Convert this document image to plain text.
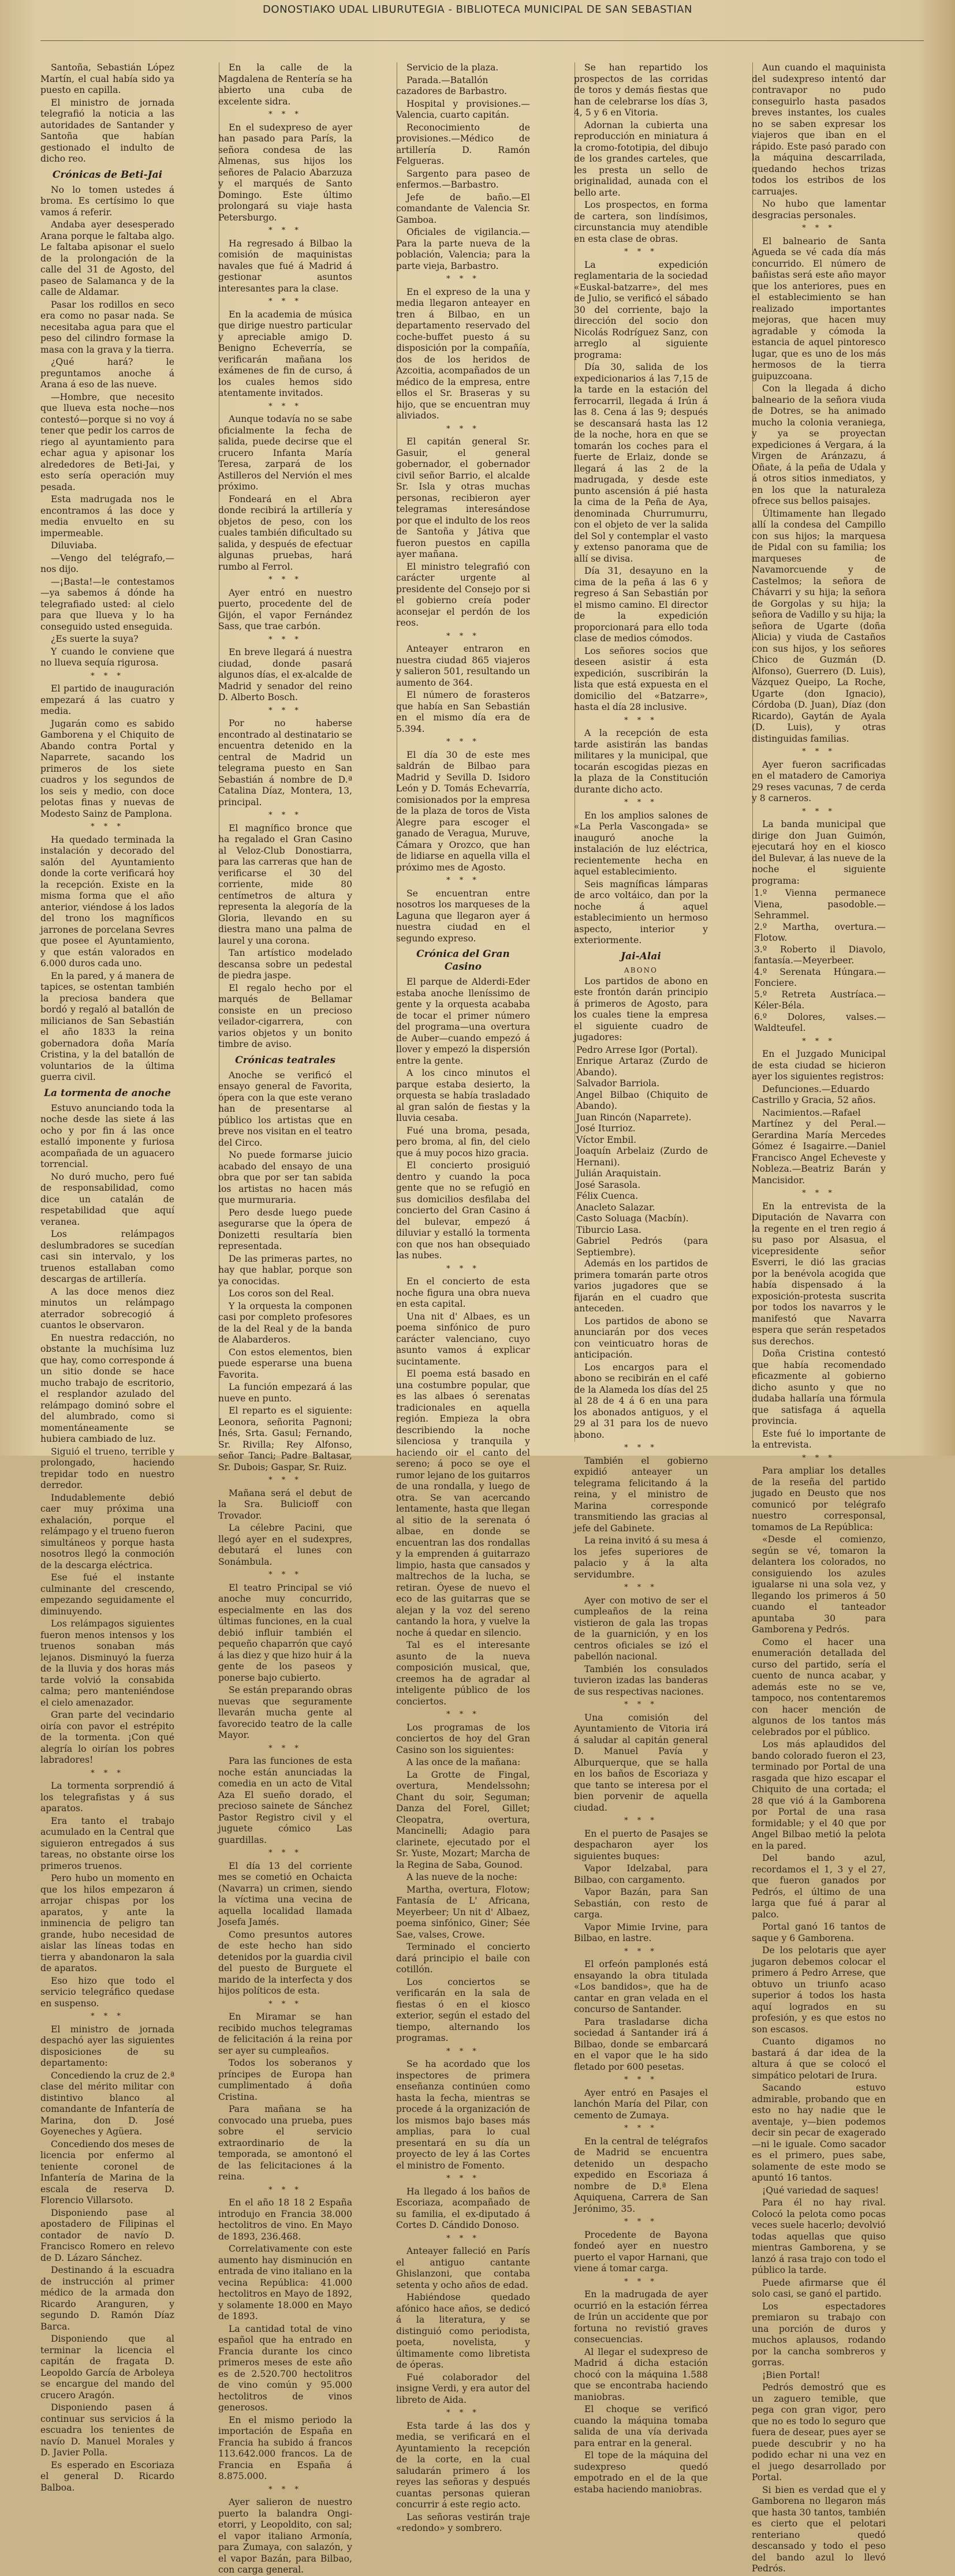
DONOSTIAKO UDAL LIBURUTEGIA - BIBLIOTECA MUNICIPAL DE SAN SEBASTIAN

Santoña, Sebastián López Martín, el cual había sido ya puesto en capilla.

El ministro de jornada telegrafió la noticia a las autoridades de Santander y Santoña que habían gestionado el indulto de dicho reo.

Crónicas de Beti-Jai

No lo tomen ustedes á broma. Es certísimo lo que vamos á referir.

Andaba ayer desesperado Arana porque le faltaba algo. Le faltaba apisonar el suelo de la prolongación de la calle del 31 de Agosto, del paseo de Salamanca y de la calle de Aldamar.

Pasar los rodillos en seco era como no pasar nada. Se necesitaba agua para que el peso del cilindro formase la masa con la grava y la tierra.

¿Qué hará? le preguntamos anoche á Arana á eso de las nueve.

—Hombre, que necesito que llueva esta noche—nos contestó—porque si no voy á tener que pedir los carros de riego al ayuntamiento para echar agua y apisonar los alrededores de Beti-Jai, y esto sería operación muy pesada.

Esta madrugada nos le encontramos á las doce y media envuelto en su impermeable.

Diluviaba.

—Vengo del telégrafo,—nos dijo.

—¡Basta!—le contestamos—ya sabemos á dónde ha telegrafiado usted: al cielo para que llueva y lo ha conseguido usted enseguida.

¿Es suerte la suya?

Y cuando le conviene que no llueva sequía rigurosa.

* * *

El partido de inauguración empezará á las cuatro y media.

Jugarán como es sabido Gamborena y el Chiquito de Abando contra Portal y Naparrete, sacando los primeros de los siete cuadros y los segundos de los seis y medio, con doce pelotas finas y nuevas de Modesto Sainz de Pamplona.

* * *

Ha quedado terminada la instalación y decorado del salón del Ayuntamiento donde la corte verificará hoy la recepción. Existe en la misma forma que el año anterior, viéndose á los lados del trono los magníficos jarrones de porcelana Sevres que posee el Ayuntamiento, y que están valorados en 6.000 duros cada uno.

En la pared, y á manera de tapices, se ostentan también la preciosa bandera que bordó y regaló al batallón de milicianos de San Sebastián el año 1833 la reina gobernadora doña María Cristina, y la del batallón de voluntarios de la última guerra civil.

La tormenta de anoche

Estuvo anunciando toda la noche desde las siete á las ocho y por fin á las once estalló imponente y furiosa acompañada de un aguacero torrencial.

No duró mucho, pero fué de responsabilidad, como dice un catalán de respetabilidad que aquí veranea.

Los relámpagos deslumbradores se sucedían casi sin intervalo, y los truenos estallaban como descargas de artillería.

A las doce menos diez minutos un relámpago aterrador sobrecogió á cuantos le observaron.

En nuestra redacción, no obstante la muchísima luz que hay, como corresponde á un sitio donde se hace mucho trabajo de escritorio, el resplandor azulado del relámpago dominó sobre el del alumbrado, como si momentáneamente se hubiera cambiado de luz.

Siguió el trueno, terrible y prolongado, haciendo trepidar todo en nuestro derredor.

Indudablemente debió caer muy próxima una exhalación, porque el relámpago y el trueno fueron simultáneos y porque hasta nosotros llegó la conmoción de la descarga eléctrica.

Ese fué el instante culminante del crescendo, empezando seguidamente el diminuyendo.

Los relámpagos siguientes fueron menos intensos y los truenos sonaban más lejanos. Disminuyó la fuerza de la lluvia y dos horas más tarde volvió la consabida calma; pero manteniéndose el cielo amenazador.

Gran parte del vecindario oiría con pavor el estrépito de la tormenta. ¡Con qué alegría lo oirían los pobres labradores!

* * *

La tormenta sorprendió á los telegrafistas y á sus aparatos.

Era tanto el trabajo acumulado en la Central que siguieron entregados á sus tareas, no obstante oirse los primeros truenos.

Pero hubo un momento en que los hilos empezaron á arrojar chispas por los aparatos, y ante la inminencia de peligro tan grande, hubo necesidad de aislar las líneas todas en tierra y abandonaron la sala de aparatos.

Eso hizo que todo el servicio telegráfico quedase en suspenso.

* * *

El ministro de jornada despachó ayer las siguientes disposiciones de su departamento:

Concediendo la cruz de 2.ª clase del mérito militar con distintivo blanco al comandante de Infantería de Marina, don D. José Goyeneches y Agüera.

Concediendo dos meses de licencia por enfermo al teniente coronel de Infantería de Marina de la escala de reserva D. Florencio Villarsoto.

Disponiendo pase al apostadero de Filipinas el contador de navío D. Francisco Romero en relevo de D. Lázaro Sánchez.

Destinando á la escuadra de instrucción al primer médico de la armada don Ricardo Aranguren, y segundo D. Ramón Díaz Barca.

Disponiendo que al terminar la licencia el capitán de fragata D. Leopoldo García de Arboleya se encargue del mando del crucero Aragón.

Disponiendo pasen á continuar sus servicios á la escuadra los tenientes de navío D. Manuel Morales y D. Javier Polla.

Es esperado en Escoriaza el general D. Ricardo Balboa.

En la calle de la Magdalena de Rentería se ha abierto una cuba de excelente sidra.

* * *

En el sudexpreso de ayer han pasado para París, la señora condesa de las Almenas, sus hijos los señores de Palacio Abarzuza y el marqués de Santo Domingo. Este último prolongará su viaje hasta Petersburgo.

* * *

Ha regresado á Bilbao la comisión de maquinistas navales que fué á Madrid á gestionar asuntos interesantes para la clase.

* * *

En la academia de música que dirige nuestro particular y apreciable amigo D. Benigno Echeverría, se verificarán mañana los exámenes de fin de curso, á los cuales hemos sido atentamente invitados.

* * *

Aunque todavía no se sabe oficialmente la fecha de salida, puede decirse que el crucero Infanta María Teresa, zarpará de los Astilleros del Nervión el mes próximo.

Fondeará en el Abra donde recibirá la artillería y objetos de peso, con los cuales también dificultado su salida, y después de efectuar algunas pruebas, hará rumbo al Ferrol.

* * *

Ayer entró en nuestro puerto, procedente del de Gijón, el vapor Fernández Sass, que trae carbón.

* * *

En breve llegará á nuestra ciudad, donde pasará algunos días, el ex-alcalde de Madrid y senador del reino D. Alberto Bosch.

* * *

Por no haberse encontrado al destinatario se encuentra detenido en la central de Madrid un telegrama puesto en San Sebastián á nombre de D.ª Catalina Díaz, Montera, 13, principal.

* * *

El magnífico bronce que ha regalado el Gran Casino al Veloz-Club Donostiarra, para las carreras que han de verificarse el 30 del corriente, mide 80 centímetros de altura y representa la alegoría de la Gloria, llevando en su diestra mano una palma de laurel y una corona.

Tan artístico modelado descansa sobre un pedestal de piedra jaspe.

El regalo hecho por el marqués de Bellamar consiste en un precioso veilador-cigarrera, con varios objetos y un bonito timbre de aviso.

Crónicas teatrales

Anoche se verificó el ensayo general de Favorita, ópera con la que este verano han de presentarse al público los artistas que en breve nos visitan en el teatro del Circo.

No puede formarse juicio acabado del ensayo de una obra que por ser tan sabida los artistas no hacen más que murmuraria.

Pero desde luego puede asegurarse que la ópera de Donizetti resultaría bien representada.

De las primeras partes, no hay que hablar, porque son ya conocidas.

Los coros son del Real.

Y la orquesta la componen casi por completo profesores de la del Real y de la banda de Alabarderos.

Con estos elementos, bien puede esperarse una buena Favorita.

La función empezará á las nueve en punto.

El reparto es el siguiente: Leonora, señorita Pagnoni; Inés, Srta. Gasul; Fernando, Sr. Rivilla; Rey Alfonso, señor Tanci; Padre Baltasar, Sr. Dubois; Gaspar, Sr. Ruiz.

* * *

Mañana será el debut de la Sra. Bulicioff con Trovador.

La célebre Pacini, que llegó ayer en el sudexpres, debutará el lunes con Sonámbula.

* * *

El teatro Principal se vió anoche muy concurrido, especialmente en las dos últimas funciones, en la cual debió influir también el pequeño chaparrón que cayó á las diez y que hizo huir á la gente de los paseos y ponerse bajo cubierto.

Se están preparando obras nuevas que seguramente llevarán mucha gente al favorecido teatro de la calle Mayor.

* * *

Para las funciones de esta noche están anunciadas la comedia en un acto de Vital Aza El sueño dorado, el precioso sainete de Sánchez Pastor Registro civil y el juguete cómico Las guardillas.

* * *

El día 13 del corriente mes se cometió en Ochaicta (Navarra) un crimen, siendo la víctima una vecina de aquella localidad llamada Josefa Jamés.

Como presuntos autores de este hecho han sido detenidos por la guardia civil del puesto de Burguete el marido de la interfecta y dos hijos políticos de esta.

* * *

En Miramar se han recibido muchos telegramas de felicitación á la reina por ser ayer su cumpleaños.

Todos los soberanos y príncipes de Europa han cumplimentado á doña Cristina.

Para mañana se ha convocado una prueba, pues sobre el servicio extraordinario de la temporada, se amontonó el de las felicitaciones á la reina.

* * *

En el año 18 18 2 España introdujo en Francia 38.000 hectolitros de vino. En Mayo de 1893, 236.468.

Correlativamente con este aumento hay disminución en entrada de vino italiano en la vecina República: 41.000 hectolitros en Mayo de 1892, y solamente 18.000 en Mayo de 1893.

La cantidad total de vino español que ha entrado en Francia durante los cinco primeros meses de este año es de 2.520.700 hectolitros de vino común y 95.000 hectolitros de vinos generosos.

En el mismo periodo la importación de España en Francia ha subido á francos 113.642.000 francos. La de Francia en España á 8.875.000.

* * *

Ayer salieron de nuestro puerto la balandra Ongi-etorri, y Leopoldito, con sal; el vapor italiano Armonía, para Zumaya, con salazón, y el vapor Bazán, para Bilbao, con carga general.

Servicio de la plaza.

Parada.—Batallón cazadores de Barbastro.

Hospital y provisiones.—Valencia, cuarto capitán.

Reconocimiento de provisiones.—Médico de artillería D. Ramón Felgueras.

Sargento para paseo de enfermos.—Barbastro.

Jefe de baño.—El comandante de Valencia Sr. Gamboa.

Oficiales de vigilancia.—Para la parte nueva de la población, Valencia; para la parte vieja, Barbastro.

* * *

En el expreso de la una y media llegaron anteayer en tren á Bilbao, en un departamento reservado del coche-buffet puesto á su disposición por la compañía, dos de los heridos de Azcoitia, acompañados de un médico de la empresa, entre ellos el Sr. Braseras y su hijo, que se encuentran muy aliviados.

* * *

El capitán general Sr. Gasuir, el general gobernador, el gobernador civil señor Barrio, el alcalde Sr. Isla y otras muchas personas, recibieron ayer telegramas interesándose por que el indulto de los reos de Santoña y Játiva que fueron puestos en capilla ayer mañana.

El ministro telegrafió con carácter urgente al presidente del Consejo por si el gobierno creía poder aconsejar el perdón de los reos.

* * *

Anteayer entraron en nuestra ciudad 865 viajeros y salieron 501, resultando un aumento de 364.

El número de forasteros que había en San Sebastián en el mismo día era de 5.394.

* * *

El día 30 de este mes saldrán de Bilbao para Madrid y Sevilla D. Isidoro León y D. Tomás Echevarría, comisionados por la empresa de la plaza de toros de Vista Alegre para escoger el ganado de Veragua, Muruve, Cámara y Orozco, que han de lidiarse en aquella villa el próximo mes de Agosto.

* * *

Se encuentran entre nosotros los marqueses de la Laguna que llegaron ayer á nuestra ciudad en el segundo expreso.

Crónica del Gran Casino

El parque de Alderdi-Eder estaba anoche lleníssimo de gente y la orquesta acababa de tocar el primer número del programa—una overtura de Auber—cuando empezó á llover y empezó la dispersión entre la gente.

A los cinco minutos el parque estaba desierto, la orquesta se había trasladado al gran salón de fiestas y la lluvia cesaba.

Fué una broma, pesada, pero broma, al fin, del cielo que á muy pocos hizo gracia.

El concierto prosiguió dentro y cuando la poca gente que no se refugió en sus domicilios desfilaba del concierto del Gran Casino á del bulevar, empezó á diluviar y estalló la tormenta con que nos han obsequiado las nubes.

* * *

En el concierto de esta noche figura una obra nueva en esta capital.

Una nit d' Albaes, es un poema sinfónico de puro carácter valenciano, cuyo asunto vamos á explicar sucintamente.

El poema está basado en una costumbre popular, que es las albaes ó serenatas tradicionales en aquella región. Empieza la obra describiendo la noche silenciosa y tranquila y haciendo oir el canto del sereno; á poco se oye el rumor lejano de los guitarros de una rondalla, y luego de otra. Se van acercando lentamente, hasta que llegan al sitio de la serenata ó albae, en donde se encuentran las dos rondallas y la emprenden á guitarrazo limpio, hasta que cansados y maltrechos de la lucha, se retiran. Óyese de nuevo el eco de las guitarras que se alejan y la voz del sereno cantando la hora, y vuelve la noche á quedar en silencio.

Tal es el interesante asunto de la nueva composición musical, que, creemos ha de agradar al inteligente público de los conciertos.

* * *

Los programas de los conciertos de hoy del Gran Casino son los siguientes:

A las once de la mañana:

La Grotte de Fingal, overtura, Mendelssohn; Chant du soir, Seguman; Danza del Forel, Gillet; Cleopatra, overtura, Mancinelli; Adagio para clarinete, ejecutado por el Sr. Yuste, Mozart; Marcha de la Regina de Saba, Gounod.

A las nueve de la noche:

Martha, overtura, Flotow; Fantasía de L' Africana, Meyerbeer; Un nit d' Albaez, poema sinfónico, Giner; Sée Sae, valses, Crowe.

Terminado el concierto dará principio el baile con cotillón.

Los conciertos se verificarán en la sala de fiestas ó en el kiosco exterior, según el estado del tiempo, alternando los programas.

* * *

Se ha acordado que los inspectores de primera enseñanza continúen como hasta la fecha, mientras se procede á la organización de los mismos bajo bases más amplias, para lo cual presentará en su día un proyecto de ley á las Cortes el ministro de Fomento.

* * *

Ha llegado á los baños de Escoriaza, acompañado de su familia, el ex-diputado á Cortes D. Cándido Donoso.

* * *

Anteayer falleció en París el antiguo cantante Ghislanzoni, que contaba setenta y ocho años de edad.

Habiéndose quedado afónico hace años, se dedicó á la literatura, y se distinguió como periodista, poeta, novelista, y últimamente como libretista de óperas.

Fué colaborador del insigne Verdi, y era autor del libreto de Aida.

* * *

Esta tarde á las dos y media, se verificará en el Ayuntamiento la recepción de la corte, en la cual saludarán primero á los reyes las señoras y después cuantas personas quieran concurrir á este regio acto.

Las señoras vestirán traje «redondo» y sombrero.

Se han repartido los prospectos de las corridas de toros y demás fiestas que han de celebrarse los días 3, 4, 5 y 6 en Vitoria.

Adornan la cubierta una reproducción en miniatura á la cromo-fototipia, del dibujo de los grandes carteles, que les presta un sello de originalidad, aunada con el bello arte.

Los prospectos, en forma de cartera, son lindísimos, circunstancia muy atendible en esta clase de obras.

* * *

La expedición reglamentaria de la sociedad «Euskal-batzarre», del mes de Julio, se verificó el sábado 30 del corriente, bajo la dirección del socio don Nicolás Rodríguez Sanz, con arreglo al siguiente programa:

Día 30, salida de los expedicionarios á las 7,15 de la tarde en la estación del ferrocarril, llegada á Irún á las 8. Cena á las 9; después se descansará hasta las 12 de la noche, hora en que se tomarán los coches para el fuerte de Erlaiz, donde se llegará á las 2 de la madrugada, y desde este punto ascensión á pié hasta la cima de la Peña de Aya, denominada Churrumurru, con el objeto de ver la salida del Sol y contemplar el vasto y extenso panorama que de allí se divisa.

Día 31, desayuno en la cima de la peña á las 6 y regreso á San Sebastián por el mismo camino. El director de la expedición proporcionará para ello toda clase de medios cómodos.

Los señores socios que deseen asistir á esta expedición, suscribirán la lista que está expuesta en el domicilio del «Batzarre», hasta el día 28 inclusive.

* * *

A la recepción de esta tarde asistirán las bandas militares y la municipal, que tocarán escogidas piezas en la plaza de la Constitución durante dicho acto.

* * *

En los amplios salones de «La Perla Vascongada» se inauguró anoche la instalación de luz eléctrica, recientemente hecha en aquel establecimiento.

Seis magníficas lámparas de arco voltáico, dan por la noche á aquel establecimiento un hermoso aspecto, interior y exteriormente.

Jai-Alai
ABONO

Los partidos de abono en este frontón darán principio á primeros de Agosto, para los cuales tiene la empresa el siguiente cuadro de jugadores:

Pedro Arrese Igor (Portal).

Enrique Artaraz (Zurdo de Abando).

Salvador Barriola.

Angel Bilbao (Chiquito de Abando).

Juan Rincón (Naparrete).

José Iturrioz.

Víctor Embil.

Joaquín Arbelaiz (Zurdo de Hernani).

Julián Araquistain.

José Sarasola.

Félix Cuenca.

Anacleto Salazar.

Casto Soluaga (Macbín).

Tiburcio Lasa.

Gabriel Pedrós (para Septiembre).

Además en los partidos de primera tomarán parte otros varios jugadores que se fijarán en el cuadro que anteceden.

Los partidos de abono se anunciarán por dos veces con veinticuatro horas de anticipación.

Los encargos para el abono se recibirán en el café de la Alameda los días del 25 al 28 de 4 á 6 en una para los abonados antiguos, y el 29 al 31 para los de nuevo abono.

* * *

También el gobierno expidió anteayer un telegrama felicitando á la reina, y el ministro de Marina corresponde transmitiendo las gracias al jefe del Gabinete.

La reina invitó á su mesa á los jefes superiores de palacio y á la alta servidumbre.

* * *

Ayer con motivo de ser el cumpleaños de la reina vistieron de gala las tropas de la guarnición, y en los centros oficiales se izó el pabellón nacional.

También los consulados tuvieron izadas las banderas de sus respectivas naciones.

* * *

Una comisión del Ayuntamiento de Vitoria irá á saludar al capitán general D. Manuel Pavía y Alburquerque, que se halla en los baños de Escoriaza y que tanto se interesa por el bien porvenir de aquella ciudad.

* * *

En el puerto de Pasajes se despacharon ayer los siguientes buques:

Vapor Idelzabal, para Bilbao, con cargamento.

Vapor Bazán, para San Sebastián, con resto de carga.

Vapor Mimie Irvine, para Bilbao, en lastre.

* * *

El orfeón pamplonés está ensayando la obra titulada «Los bandidos», que ha de cantar en gran velada en el concurso de Santander.

Para trasladarse dicha sociedad á Santander irá á Bilbao, donde se embarcará en el vapor que le ha sido fletado por 600 pesetas.

* * *

Ayer entró en Pasajes el lanchón María del Pilar, con cemento de Zumaya.

* * *

En la central de telégrafos de Madrid se encuentra detenido un despacho expedido en Escoriaza á nombre de D.ª Elena Aquiquena, Carrera de San Jerónimo, 35.

* * *

Procedente de Bayona fondeó ayer en nuestro puerto el vapor Harnani, que viene á tomar carga.

* * *

En la madrugada de ayer ocurrió en la estación férrea de Irún un accidente que por fortuna no revistió graves consecuencias.

Al llegar el sudexpreso de Madrid á dicha estación chocó con la máquina 1.588 que se encontraba haciendo maniobras.

El choque se verificó cuando la máquina tomaba salida de una vía derivada para entrar en la general.

El tope de la máquina del sudexpreso quedó empotrado en el de la que estaba haciendo maniobras.

Aun cuando el maquinista del sudexpreso intentó dar contravapor no pudo conseguirlo hasta pasados breves instantes, los cuales no se saben expresar los viajeros que iban en el rápido. Este pasó parado con la máquina descarrilada, quedando hechos trizas todos los estribos de los carruajes.

No hubo que lamentar desgracias personales.

* * *

El balneario de Santa Agueda se vé cada día más concurrido. El número de bañistas será este año mayor que los anteriores, pues en el establecimiento se han realizado importantes mejoras, que hacen muy agradable y cómoda la estancia de aquel pintoresco lugar, que es uno de los más hermosos de la tierra guipuzcoana.

Con la llegada á dicho balneario de la señora viuda de Dotres, se ha animado mucho la colonia veraniega, y ya se proyectan expediciones á Vergara, á la Virgen de Aránzazu, á Oñate, á la peña de Udala y á otros sitios inmediatos, y en los que la naturaleza ofrece sus bellos paisajes.

Últimamente han llegado allí la condesa del Campillo con sus hijos; la marquesa de Pidal con su familia; los marqueses de Navamorcuende y de Castelmos; la señora de Chávarri y su hija; la señora de Gorgolas y su hija; la señora de Vadillo y su hija; la señora de Ugarte (doña Alicia) y viuda de Castaños con sus hijos, y los señores Chico de Guzmán (D. Alfonso), Guerrero (D. Luis), Vázquez Queipo, La Roche, Ugarte (don Ignacio), Córdoba (D. Juan), Díaz (don Ricardo), Gaytán de Ayala (D. Luis), y otras distinguidas familias.

* * *

Ayer fueron sacrificadas en el matadero de Camoriya 29 reses vacunas, 7 de cerda y 8 carneros.

* * *

La banda municipal que dirige don Juan Guimón, ejecutará hoy en el kiosco del Bulevar, á las nueve de la noche el siguiente programa:

1.º Vienna permanece Viena, pasodoble.—Sehrammel.

2.º Martha, overtura.—Flotow.

3.º Roberto il Diavolo, fantasía.—Meyerbeer.

4.º Serenata Húngara.—Fonciere.

5.º Retreta Austríaca.—Kéler-Béla.

6.º Dolores, valses.—Waldteufel.

* * *

En el Juzgado Municipal de esta ciudad se hicieron ayer los siguientes registros:

Defunciones.—Eduardo Castrillo y Gracia, 52 años.

Nacimientos.—Rafael Martínez y del Peral.—Gerardina María Mercedes Gómez é Isagairre.—Daniel Francisco Angel Echeveste y Nobleza.—Beatriz Barán y Mancisidor.

* * *

En la entrevista de la Diputación de Navarra con la regente en el tren regio á su paso por Alsasua, el vicepresidente señor Esverri, le dió las gracias por la benévola acogida que había dispensado á la exposición-protesta suscrita por todos los navarros y le manifestó que Navarra espera que serán respetados sus derechos.

Doña Cristina contestó que había recomendado eficazmente al gobierno dicho asunto y que no dudaba hallaría una fórmula que satisfaga á aquella provincia.

Este fué lo importante de la entrevista.

* * *

Para ampliar los detalles de la reseña del partido jugado en Deusto que nos comunicó por telégrafo nuestro corresponsal, tomamos de La República:

«Desde el comienzo, según se vé, tomaron la delantera los colorados, no consiguiendo los azules igualarse ni una sola vez, y llegando los primeros á 50 cuando el tanteador apuntaba 30 para Gamborena y Pedrós.

Como el hacer una enumeración detallada del curso del partido, sería el cuento de nunca acabar, y además este no se ve, tampoco, nos contentaremos con hacer mención de algunos de los tantos más celebrados por el público.

Los más aplaudidos del bando colorado fueron el 23, terminado por Portal de una rasgada que hizo escapar el Chiquito de una cortada; el 28 que vió á la Gamborena por Portal de una rasa formidable; y el 40 que por Angel Bilbao metió la pelota en la pared.

Del bando azul, recordamos el 1, 3 y el 27, que fueron ganados por Pedrós, el último de una larga que fué á parar al palco.

Portal ganó 16 tantos de saque y 6 Gamborena.

De los pelotaris que ayer jugaron debemos colocar el primero á Pedro Arrese, que obtuvo un triunfo acaso superior á todos los hasta aquí logrados en su profesión, y es que estos no son escasos.

Cuanto digamos no bastará á dar idea de la altura á que se colocó el simpático pelotari de Irura.

Sacando estuvo admirable, probando que en esto no hay nadie que le aventaje, y—bien podemos decir sin pecar de exagerado—ni le iguale. Como sacador es el primero, pues sabe, solamente de este modo se apuntó 16 tantos.

¡Qué variedad de saques!

Para él no hay rival. Colocó la pelota como pocas veces suele hacerlo; devolvió todas aquellas que quiso mientras Gamborena, y se lanzó á rasa trajo con todo el público la tarde.

Puede afirmarse que él solo casi, se ganó el partido.

Los espectadores premiaron su trabajo con una porción de duros y muchos aplausos, rodando por la cancha sombreros y gorras.

¡Bien Portal!

Pedrós demostró que es un zaguero temible, que pega con gran vigor, pero que no es todo lo seguro que fuera de desear, pues ayer se puede descubrir y no ha podido echar ni una vez en el juego desarrollado por Portal.

Si bien es verdad que el y Gamborena no llegaron más que hasta 30 tantos, también es cierto que el pelotari renteriano quedó descansado y todo el peso del bando azul lo llevó Pedrós.
